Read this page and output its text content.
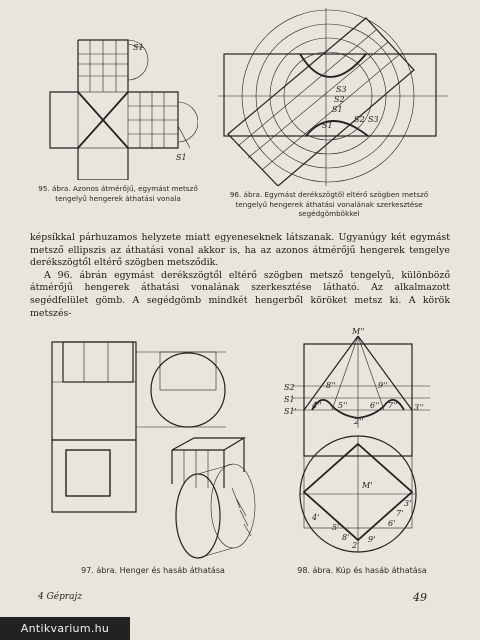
S1
S1
95. ábra. Azonos átmérőjű, egymást metsző tengelyű hengerek áthatási vonala
S1
S2
S3
S1
S2 S3
96. ábra. Egymást derékszögtől eltérő szögben metsző tengelyű hengerek áthatási vonalának szerkesztése segédgömbökkel

képsíkkal párhuzamos helyzete miatt egyeneseknek látszanak. Ugyanúgy két egymást metsző ellipszis az áthatási vonal akkor is, ha az azonos átmérőjű hengerek tengelye derékszögtől eltérő szögben metsződik.

A 96. ábrán egymást derékszögtől eltérő szögben metsző tengelyű, különböző átmérőjű hengerek áthatási vonalának szerkesztése látható. Az alkalmazott segédfelület gömb. A segédgömb mindkét hengerből köröket metsz ki. A körök metszés-

97. ábra. Henger és hasáb áthatása
M''
S2
S1
S1'
8''	9''
4'' 5''	6'' 7'' 3''
2''
M'
4'
5'
2'
8' 9'
6'
7'
3'
98. ábra. Kúp és hasáb áthatása
4 Géprajz	49
Antikvarium.hu
